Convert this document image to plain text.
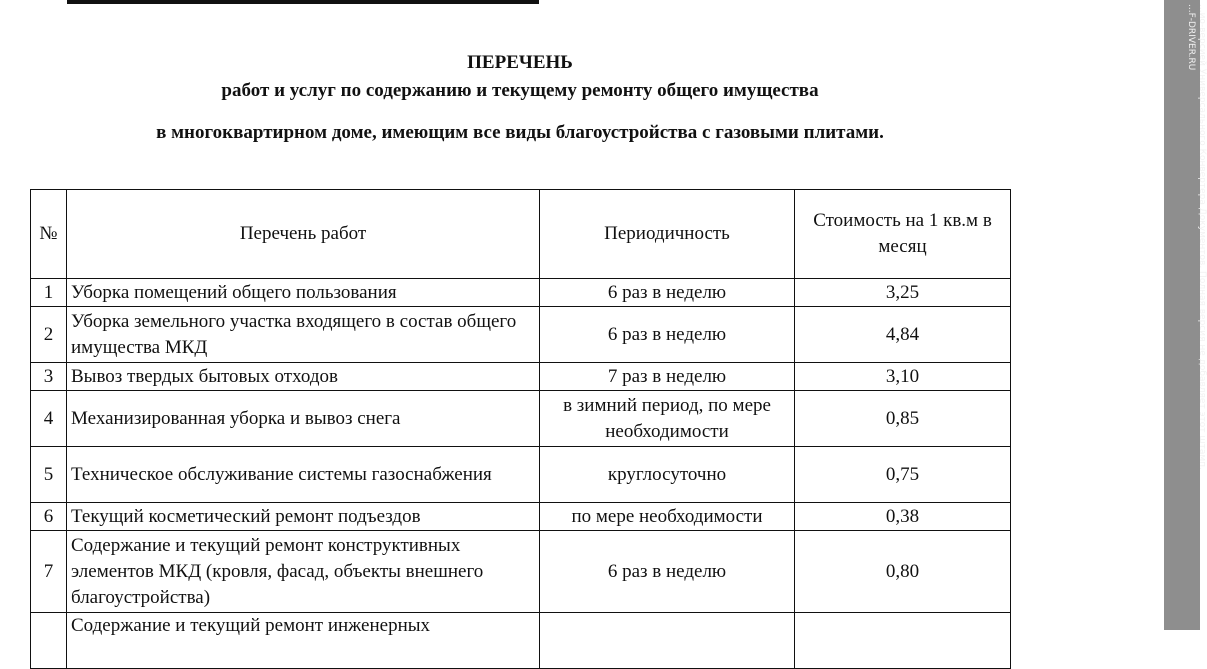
ПЕРЕЧЕНЬ
работ и услуг по содержанию и текущему ремонту общего имущества
в многоквартирном доме, имеющим все виды благоустройства с газовыми плитами.
№	Перечень работ	Периодичность	Стоимость на 1 кв.м в месяц
1	Уборка помещений общего пользования	6 раз в неделю	3,25
2	Уборка земельного участка входящего в состав общего имущества МКД	6 раз в неделю	4,84
3	Вывоз твердых бытовых отходов	7 раз в неделю	3,10
4	Механизированная уборка и вывоз снега	в зимний период, по мере необходимости	0,85
5	Техническое обслуживание системы газоснабжения	круглосуточно	0,75
6	Текущий косметический ремонт подъездов	по мере необходимости	0,38
7	Содержание и текущий ремонт конструктивных элементов МКД (кровля, фасад, объекты внешнего благоустройства)	6 раз в неделю	0,80
	Содержание и текущий ремонт инженерных		
...ио-версией Универсального Конвертера Документов. Полная версия не добавляет этот штамп.
...F-DRIVER.RU
